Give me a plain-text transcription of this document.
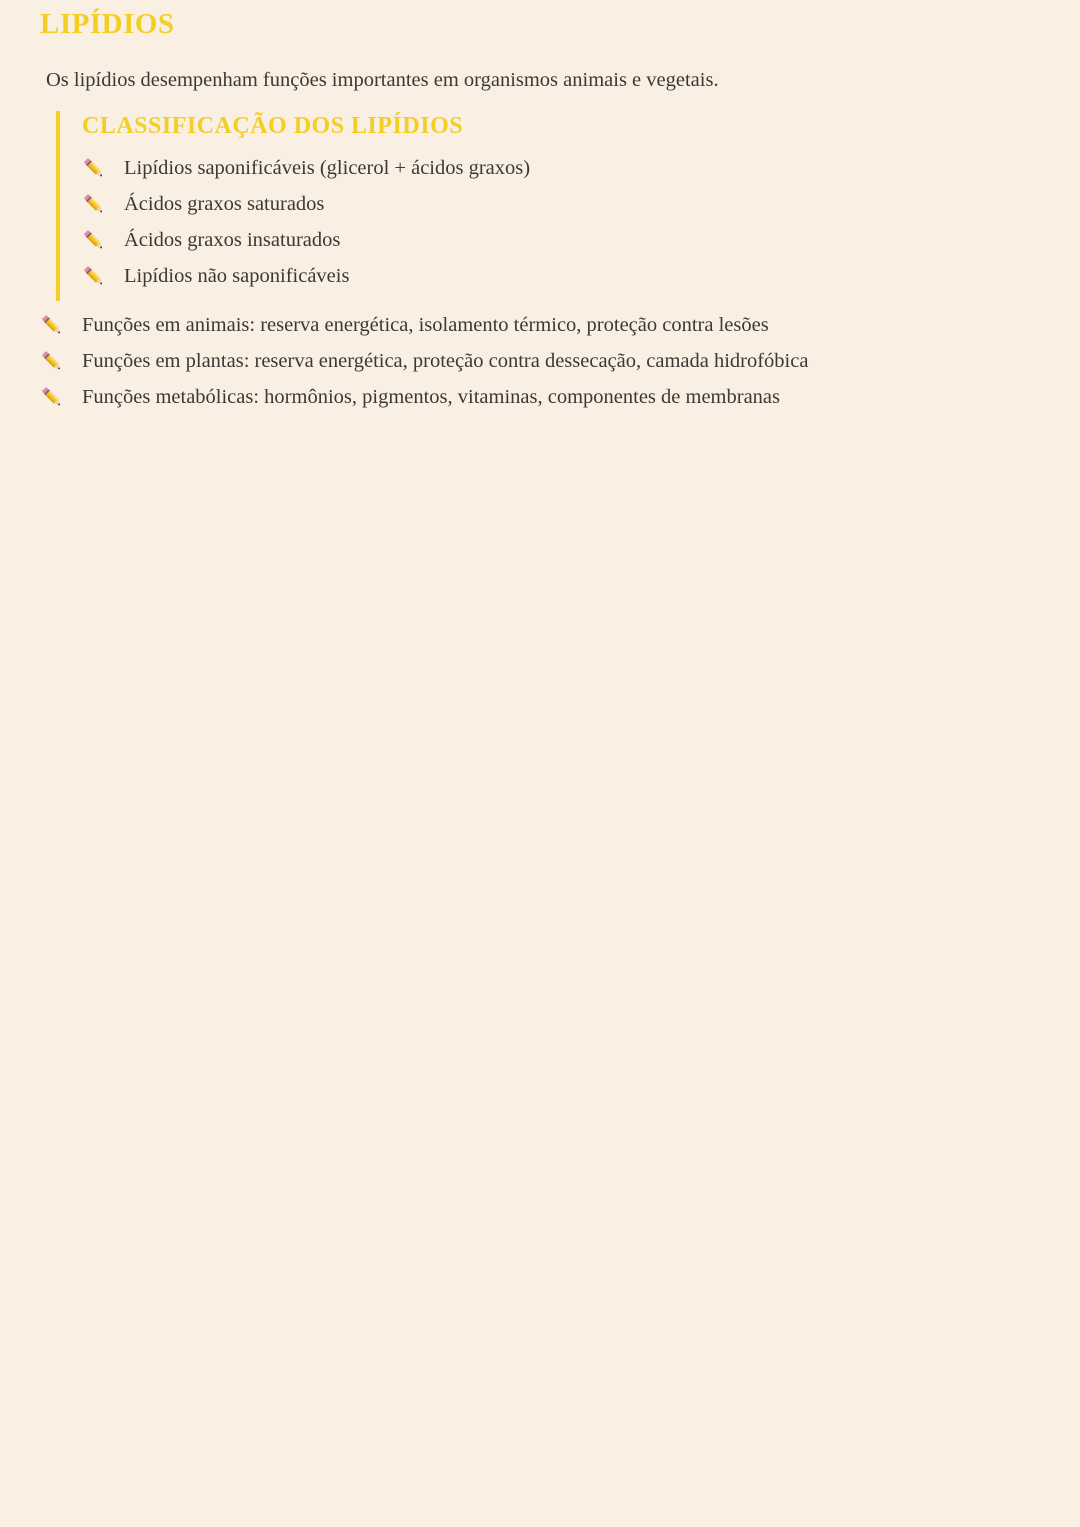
LIPÍDIOS

Os lipídios desempenham funções importantes em organismos animais e vegetais.

CLASSIFICAÇÃO DOS LIPÍDIOS
Lipídios saponificáveis (glicerol + ácidos graxos)
Ácidos graxos saturados
Ácidos graxos insaturados
Lipídios não saponificáveis
Funções em animais: reserva energética, isolamento térmico, proteção contra lesões
Funções em plantas: reserva energética, proteção contra dessecação, camada hidrofóbica
Funções metabólicas: hormônios, pigmentos, vitaminas, componentes de membranas
